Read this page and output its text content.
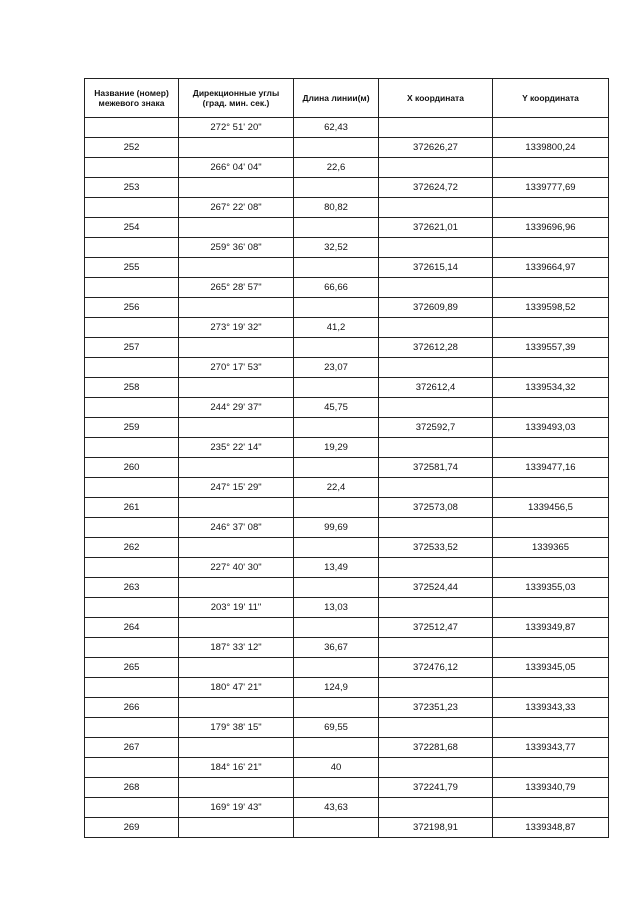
Название (номер) межевого знака	Дирекционные углы (град. мин. сек.)	Длина линии(м)	X координата	Y координата
	272° 51' 20"	62,43		
252			372626,27	1339800,24
	266° 04' 04"	22,6		
253			372624,72	1339777,69
	267° 22' 08"	80,82		
254			372621,01	1339696,96
	259° 36' 08"	32,52		
255			372615,14	1339664,97
	265° 28' 57"	66,66		
256			372609,89	1339598,52
	273° 19' 32"	41,2		
257			372612,28	1339557,39
	270° 17' 53"	23,07		
258			372612,4	1339534,32
	244° 29' 37"	45,75		
259			372592,7	1339493,03
	235° 22' 14"	19,29		
260			372581,74	1339477,16
	247° 15' 29"	22,4		
261			372573,08	1339456,5
	246° 37' 08"	99,69		
262			372533,52	1339365
	227° 40' 30"	13,49		
263			372524,44	1339355,03
	203° 19' 11"	13,03		
264			372512,47	1339349,87
	187° 33' 12"	36,67		
265			372476,12	1339345,05
	180° 47' 21"	124,9		
266			372351,23	1339343,33
	179° 38' 15"	69,55		
267			372281,68	1339343,77
	184° 16' 21"	40		
268			372241,79	1339340,79
	169° 19' 43"	43,63		
269			372198,91	1339348,87
